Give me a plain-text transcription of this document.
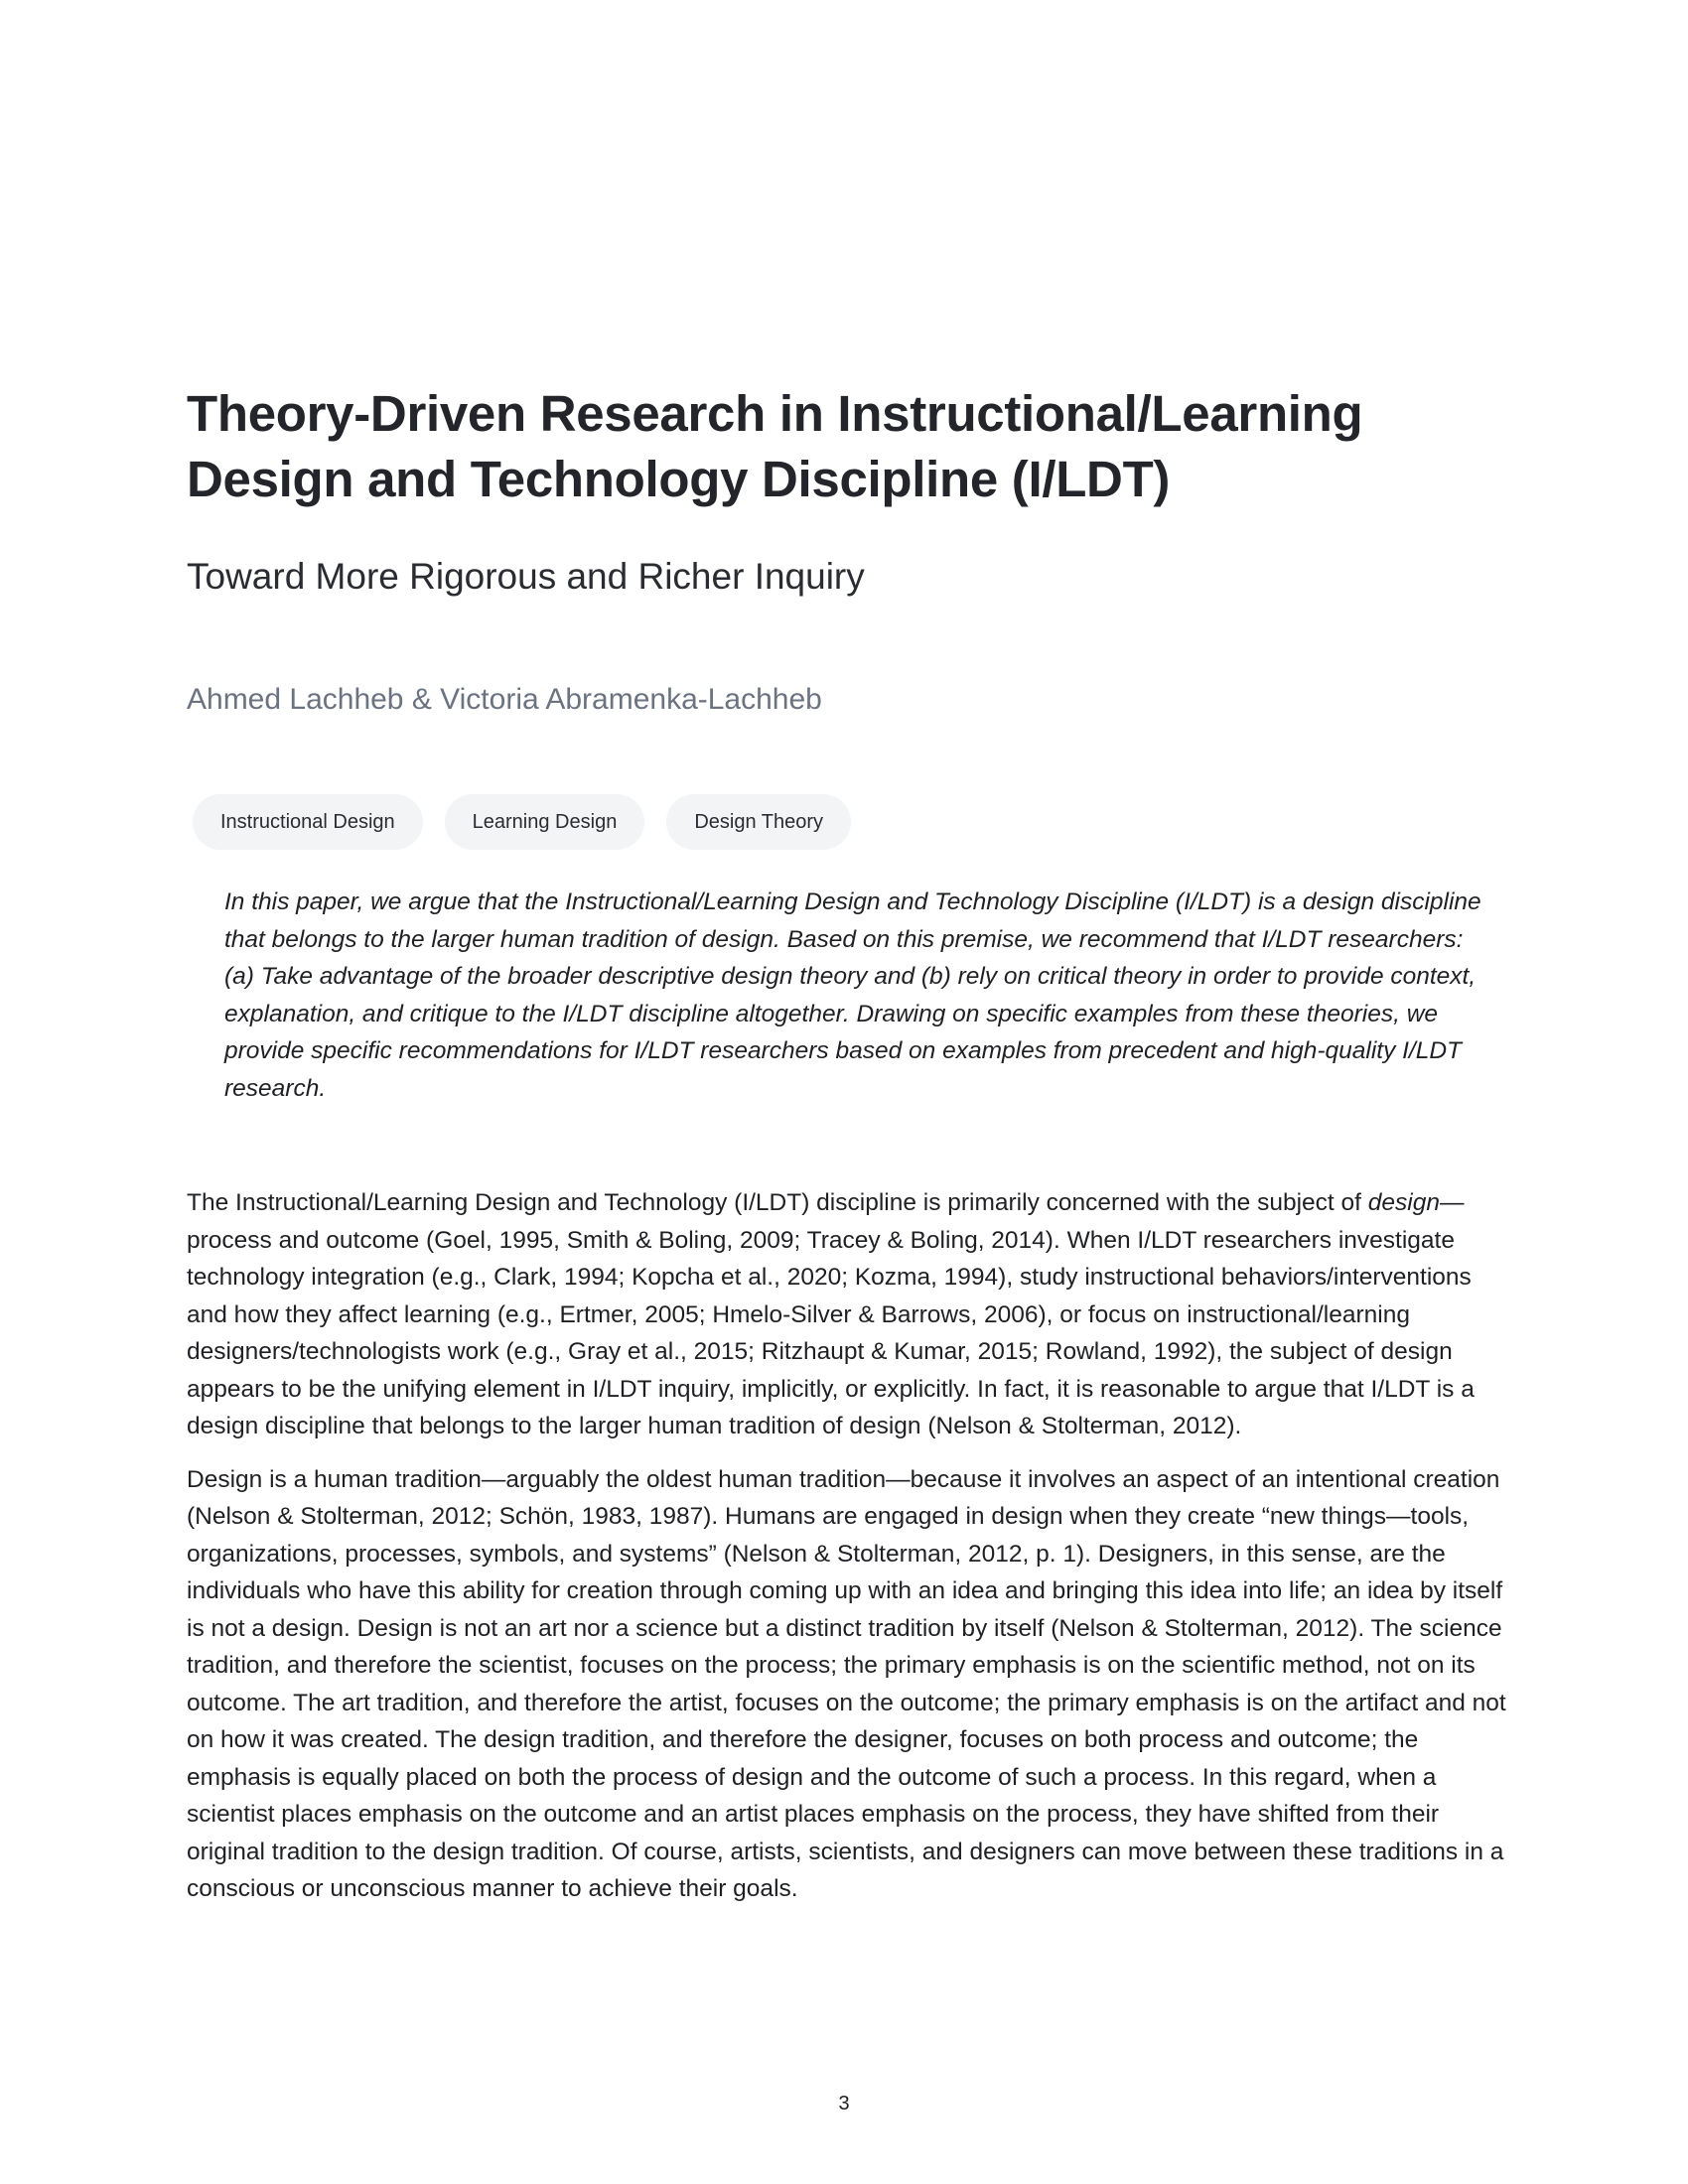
Theory-Driven Research in Instructional/Learning Design and Technology Discipline (I/LDT)
Toward More Rigorous and Richer Inquiry
Ahmed Lachheb & Victoria Abramenka-Lachheb
Instructional Design	Learning Design	Design Theory
In this paper, we argue that the Instructional/Learning Design and Technology Discipline (I/LDT) is a design discipline that belongs to the larger human tradition of design. Based on this premise, we recommend that I/LDT researchers: (a) Take advantage of the broader descriptive design theory and (b) rely on critical theory in order to provide context, explanation, and critique to the I/LDT discipline altogether. Drawing on specific examples from these theories, we provide specific recommendations for I/LDT researchers based on examples from precedent and high-quality I/LDT research.

The Instructional/Learning Design and Technology (I/LDT) discipline is primarily concerned with the subject of design—process and outcome (Goel, 1995, Smith & Boling, 2009; Tracey & Boling, 2014). When I/LDT researchers investigate technology integration (e.g., Clark, 1994; Kopcha et al., 2020; Kozma, 1994), study instructional behaviors/interventions and how they affect learning (e.g., Ertmer, 2005; Hmelo-Silver & Barrows, 2006), or focus on instructional/learning designers/technologists work (e.g., Gray et al., 2015; Ritzhaupt & Kumar, 2015; Rowland, 1992), the subject of design appears to be the unifying element in I/LDT inquiry, implicitly, or explicitly. In fact, it is reasonable to argue that I/LDT is a design discipline that belongs to the larger human tradition of design (Nelson & Stolterman, 2012).

Design is a human tradition—arguably the oldest human tradition—because it involves an aspect of an intentional creation (Nelson & Stolterman, 2012; Schön, 1983, 1987). Humans are engaged in design when they create “new things—tools, organizations, processes, symbols, and systems” (Nelson & Stolterman, 2012, p. 1). Designers, in this sense, are the individuals who have this ability for creation through coming up with an idea and bringing this idea into life; an idea by itself is not a design. Design is not an art nor a science but a distinct tradition by itself (Nelson & Stolterman, 2012). The science tradition, and therefore the scientist, focuses on the process; the primary emphasis is on the scientific method, not on its outcome. The art tradition, and therefore the artist, focuses on the outcome; the primary emphasis is on the artifact and not on how it was created. The design tradition, and therefore the designer, focuses on both process and outcome; the emphasis is equally placed on both the process of design and the outcome of such a process. In this regard, when a scientist places emphasis on the outcome and an artist places emphasis on the process, they have shifted from their original tradition to the design tradition. Of course, artists, scientists, and designers can move between these traditions in a conscious or unconscious manner to achieve their goals.

3
